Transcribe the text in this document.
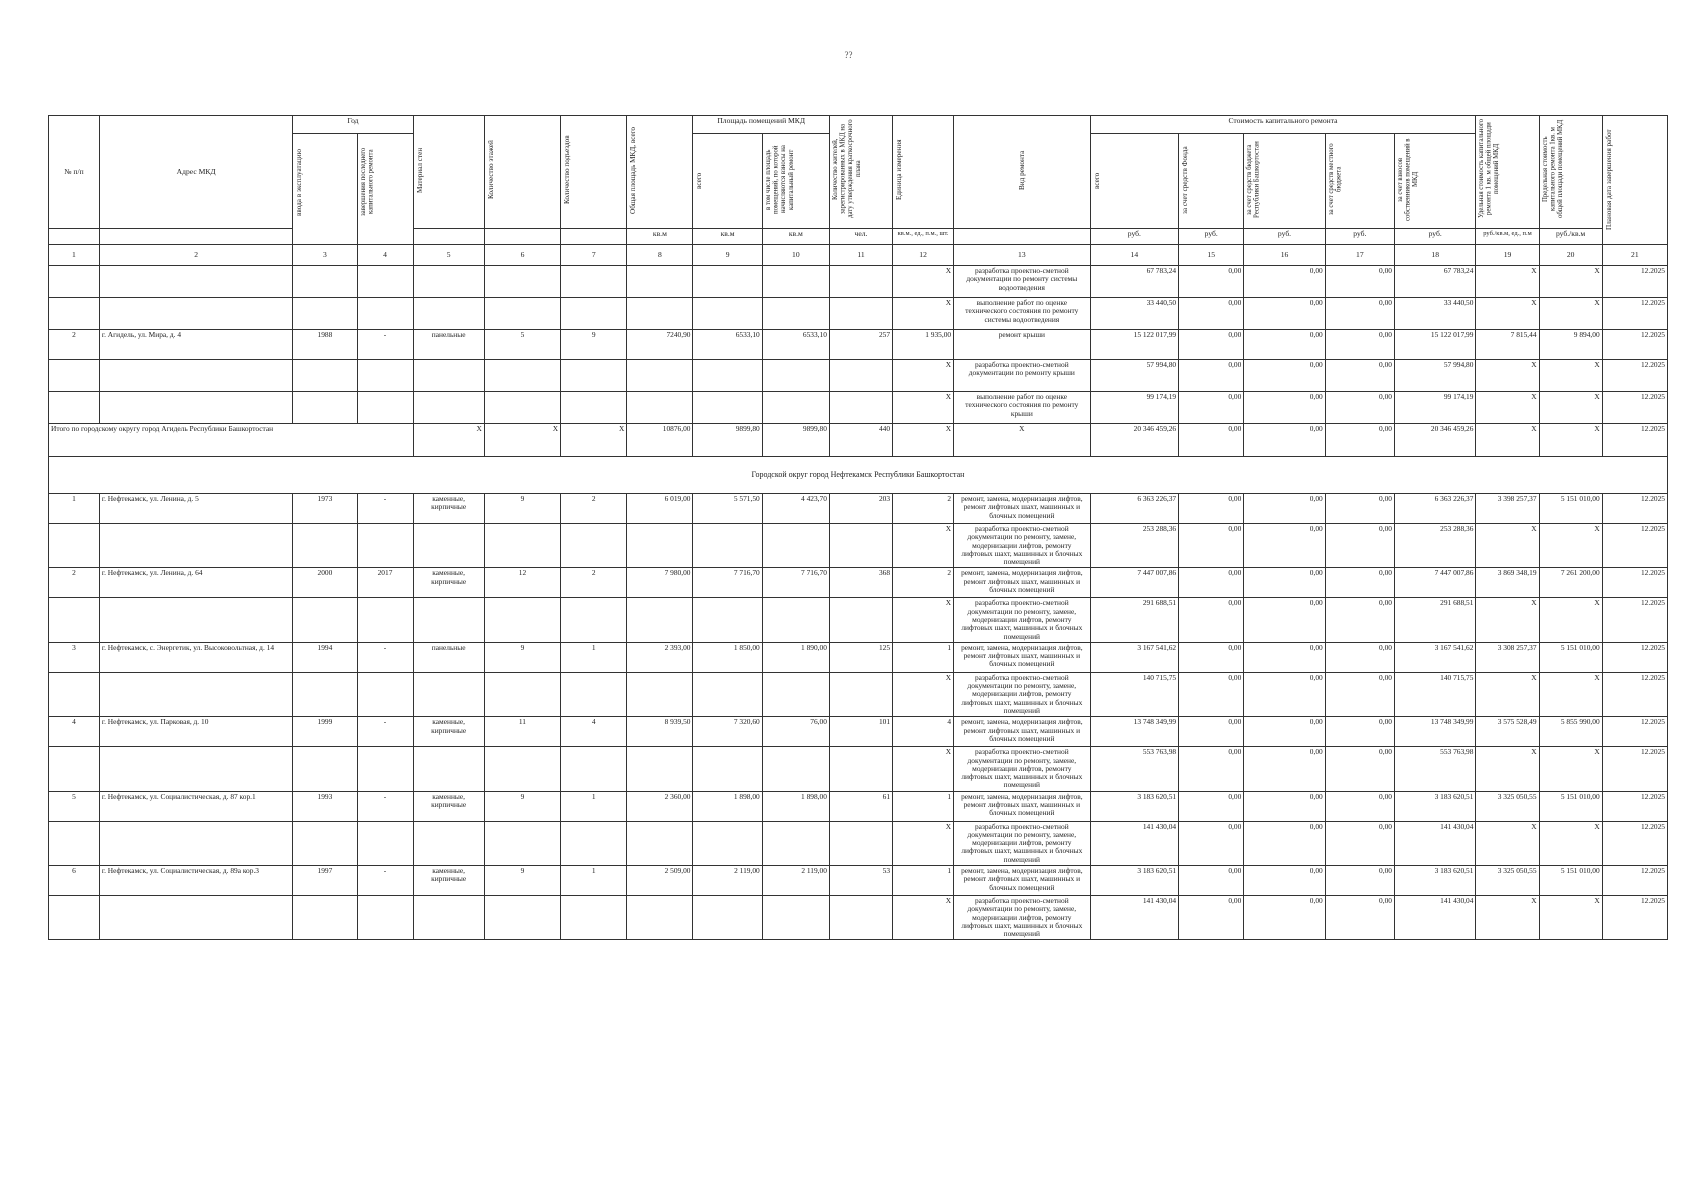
??
№ п/п	Адрес МКД	Год		Материал стен	Количество этажей	Количество подъездов	Общая площадь МКД, всего	Площадь помещений МКД		Количество жителей, зарегистрированных в МКД на дату утверждения краткосрочного плана	Единица измерения	Вид ремонта	Стоимость капитального ремонта					Удельная стоимость капитального ремонта 1 кв. м общей площади помещений МКД	Предельная стоимость капитального ремонта 1кв. м общей площади помещений МКД	Плановая дата завершения работ

		ввода в эксплуатацию	завершения последнего капитального ремонта					всего	в том числе площадь помещений, по которой начисляются взносы на капитальный ремонт				всего	за счет средств Фонда	за счет средств бюджета Республики Башкортостан	за счет средств местного бюджета	за счет взносов собственников помещений в МКД			

							кв.м	кв.м	кв.м	чел.	кв.м., ед., п.м., шт.		руб.	руб.	руб.	руб.	руб.	руб./кв.м, ед., п.м	руб./кв.м	
1	2	3	4	5	6	7	8	9	10	11	12	13	14	15	16	17	18	19	20	21
											X	разработка проектно-сметной документации по ремонту системы водоотведения	67 783,24	0,00	0,00	0,00	67 783,24	X	X	12.2025
											X	выполнение работ по оценке технического состояния по ремонту системы водоотведения	33 440,50	0,00	0,00	0,00	33 440,50	X	X	12.2025
2	г. Агидель, ул. Мира, д. 4	1988	-	панельные	5	9	7240,90	6533,10	6533,10	257	1 935,00	ремонт крыши	15 122 017,99	0,00	0,00	0,00	15 122 017,99	7 815,44	9 894,00	12.2025
											X	разработка проектно-сметной документации по ремонту крыши	57 994,80	0,00	0,00	0,00	57 994,80	X	X	12.2025
											X	выполнение работ по оценке технического состояния по ремонту крыши	99 174,19	0,00	0,00	0,00	99 174,19	X	X	12.2025
Итого по городскому округу город Агидель Республики Башкортостан				X	X	X	10876,00	9899,80	9899,80	440	X	X	20 346 459,26	0,00	0,00	0,00	20 346 459,26	X	X	12.2025
Городской округ город Нефтекамск Республики Башкортостан																				
1	г. Нефтекамск, ул. Ленина, д. 5	1973	-	каменные, кирпичные	9	2	6 019,00	5 571,50	4 423,70	203	2	ремонт, замена, модернизация лифтов, ремонт лифтовых шахт, машинных и блочных помещений	6 363 226,37	0,00	0,00	0,00	6 363 226,37	3 398 257,37	5 151 010,00	12.2025
											X	разработка проектно-сметной документации по ремонту, замене, модернизации лифтов, ремонту лифтовых шахт, машинных и блочных помещений	253 288,36	0,00	0,00	0,00	253 288,36	X	X	12.2025
2	г. Нефтекамск, ул. Ленина, д. 64	2000	2017	каменные, кирпичные	12	2	7 980,00	7 716,70	7 716,70	368	2	ремонт, замена, модернизация лифтов, ремонт лифтовых шахт, машинных и блочных помещений	7 447 007,86	0,00	0,00	0,00	7 447 007,86	3 869 348,19	7 261 200,00	12.2025
											X	разработка проектно-сметной документации по ремонту, замене, модернизации лифтов, ремонту лифтовых шахт, машинных и блочных помещений	291 688,51	0,00	0,00	0,00	291 688,51	X	X	12.2025
3	г. Нефтекамск, с. Энергетик, ул. Высоковольтная, д. 14	1994	-	панельные	9	1	2 393,00	1 850,00	1 890,00	125	1	ремонт, замена, модернизация лифтов, ремонт лифтовых шахт, машинных и блочных помещений	3 167 541,62	0,00	0,00	0,00	3 167 541,62	3 308 257,37	5 151 010,00	12.2025
											X	разработка проектно-сметной документации по ремонту, замене, модернизации лифтов, ремонту лифтовых шахт, машинных и блочных помещений	140 715,75	0,00	0,00	0,00	140 715,75	X	X	12.2025
4	г. Нефтекамск, ул. Парковая, д. 10	1999	-	каменные, кирпичные	11	4	8 939,50	7 320,60	76,00	101	4	ремонт, замена, модернизация лифтов, ремонт лифтовых шахт, машинных и блочных помещений	13 748 349,99	0,00	0,00	0,00	13 748 349,99	3 575 528,49	5 855 990,00	12.2025
											X	разработка проектно-сметной документации по ремонту, замене, модернизации лифтов, ремонту лифтовых шахт, машинных и блочных помещений	553 763,98	0,00	0,00	0,00	553 763,98	X	X	12.2025
5	г. Нефтекамск, ул. Социалистическая, д. 87 кор.1	1993	-	каменные, кирпичные	9	1	2 360,00	1 898,00	1 898,00	61	1	ремонт, замена, модернизация лифтов, ремонт лифтовых шахт, машинных и блочных помещений	3 183 620,51	0,00	0,00	0,00	3 183 620,51	3 325 050,55	5 151 010,00	12.2025
											X	разработка проектно-сметной документации по ремонту, замене, модернизации лифтов, ремонту лифтовых шахт, машинных и блочных помещений	141 430,04	0,00	0,00	0,00	141 430,04	X	X	12.2025
6	г. Нефтекамск, ул. Социалистическая, д. 89а кор.3	1997	-	каменные, кирпичные	9	1	2 509,00	2 119,00	2 119,00	53	1	ремонт, замена, модернизация лифтов, ремонт лифтовых шахт, машинных и блочных помещений	3 183 620,51	0,00	0,00	0,00	3 183 620,51	3 325 050,55	5 151 010,00	12.2025
											X	разработка проектно-сметной документации по ремонту, замене, модернизации лифтов, ремонту лифтовых шахт, машинных и блочных помещений	141 430,04	0,00	0,00	0,00	141 430,04	X	X	12.2025
